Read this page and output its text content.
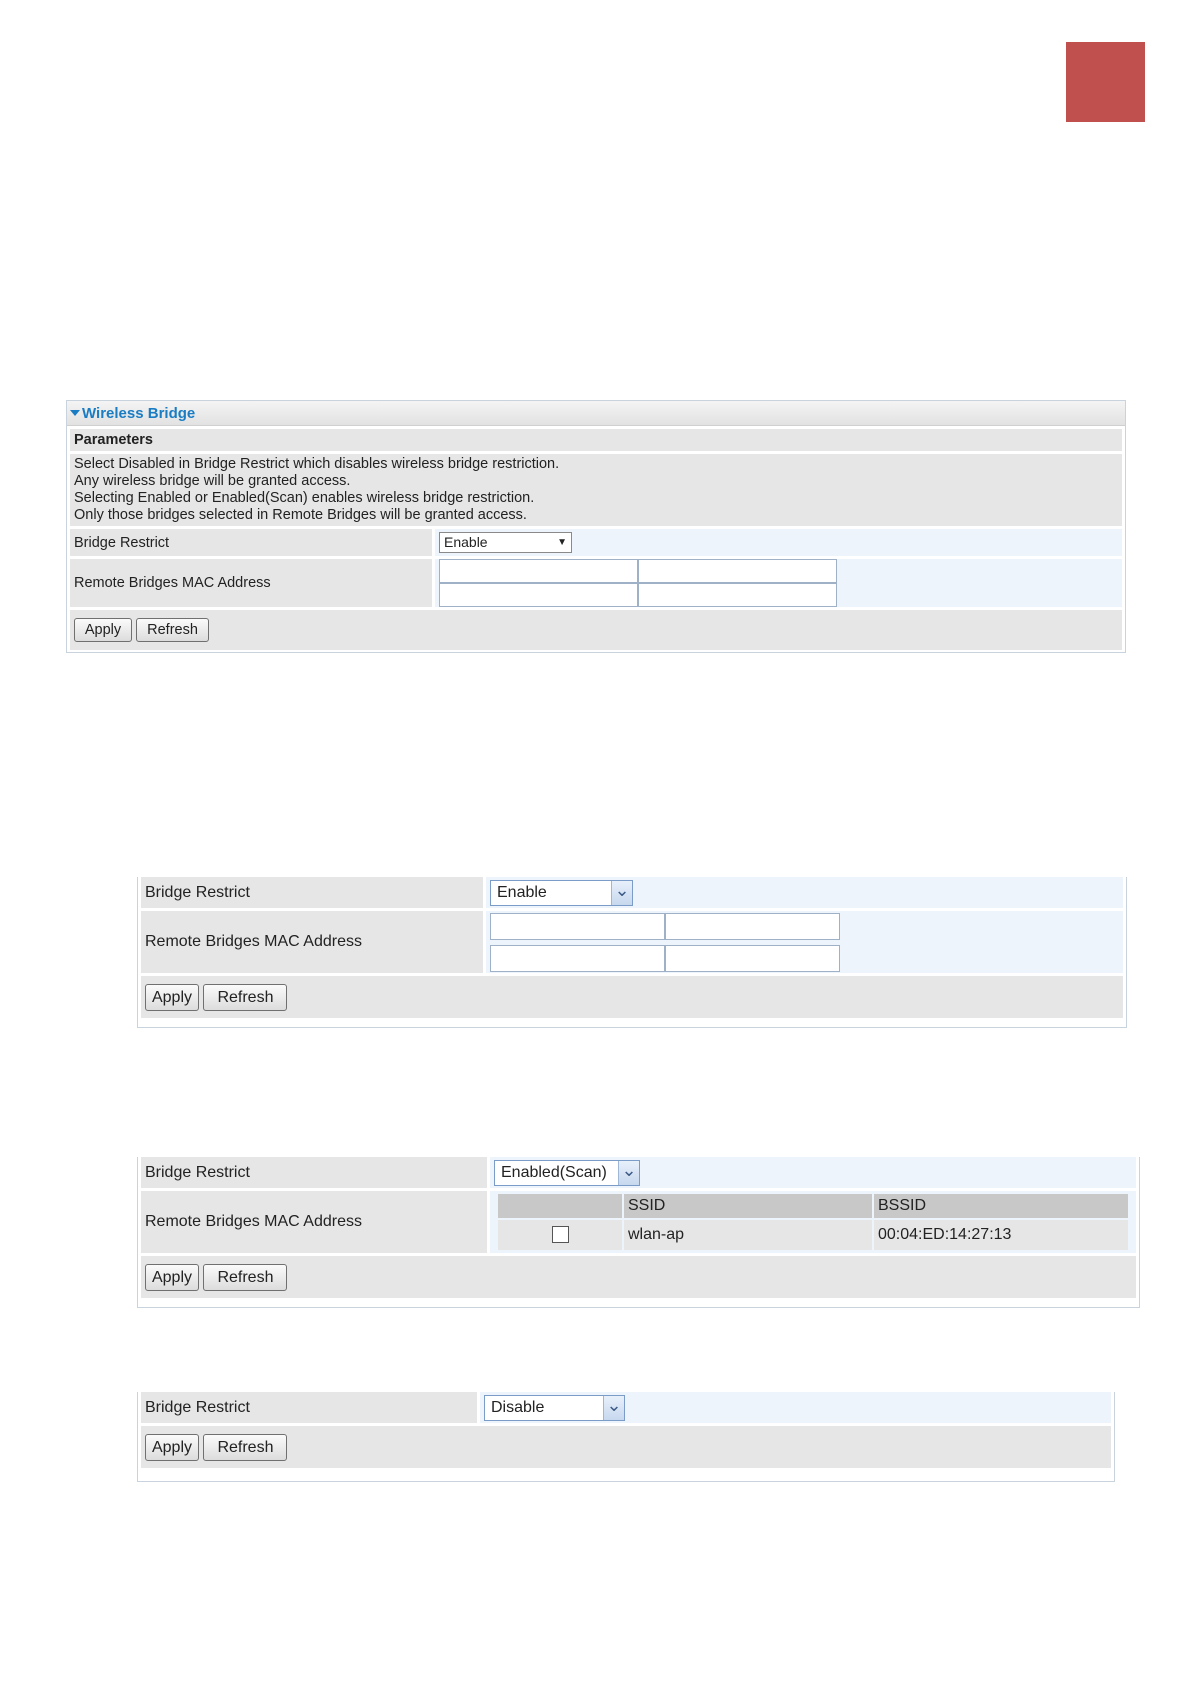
Wireless Bridge
Parameters	

Select Disabled in Bridge Restrict which disables wireless bridge restriction.
Any wireless bridge will be granted access.
Selecting Enabled or Enabled(Scan) enables wireless bridge restriction.
Only those bridges selected in Remote Bridges will be granted access.	

Bridge Restrict	Enable ▼

Remote Bridges MAC Address	

Apply Refresh	
Bridge Restrict	Enable ⌄

Remote Bridges MAC Address	

Apply Refresh	
Bridge Restrict	Enabled(Scan) ⌄

Remote Bridges MAC Address	
	SSID	BSSID
	wlan-ap	00:04:ED:14:27:13

Apply Refresh
Bridge Restrict	Disable	⌄

Apply Refresh
